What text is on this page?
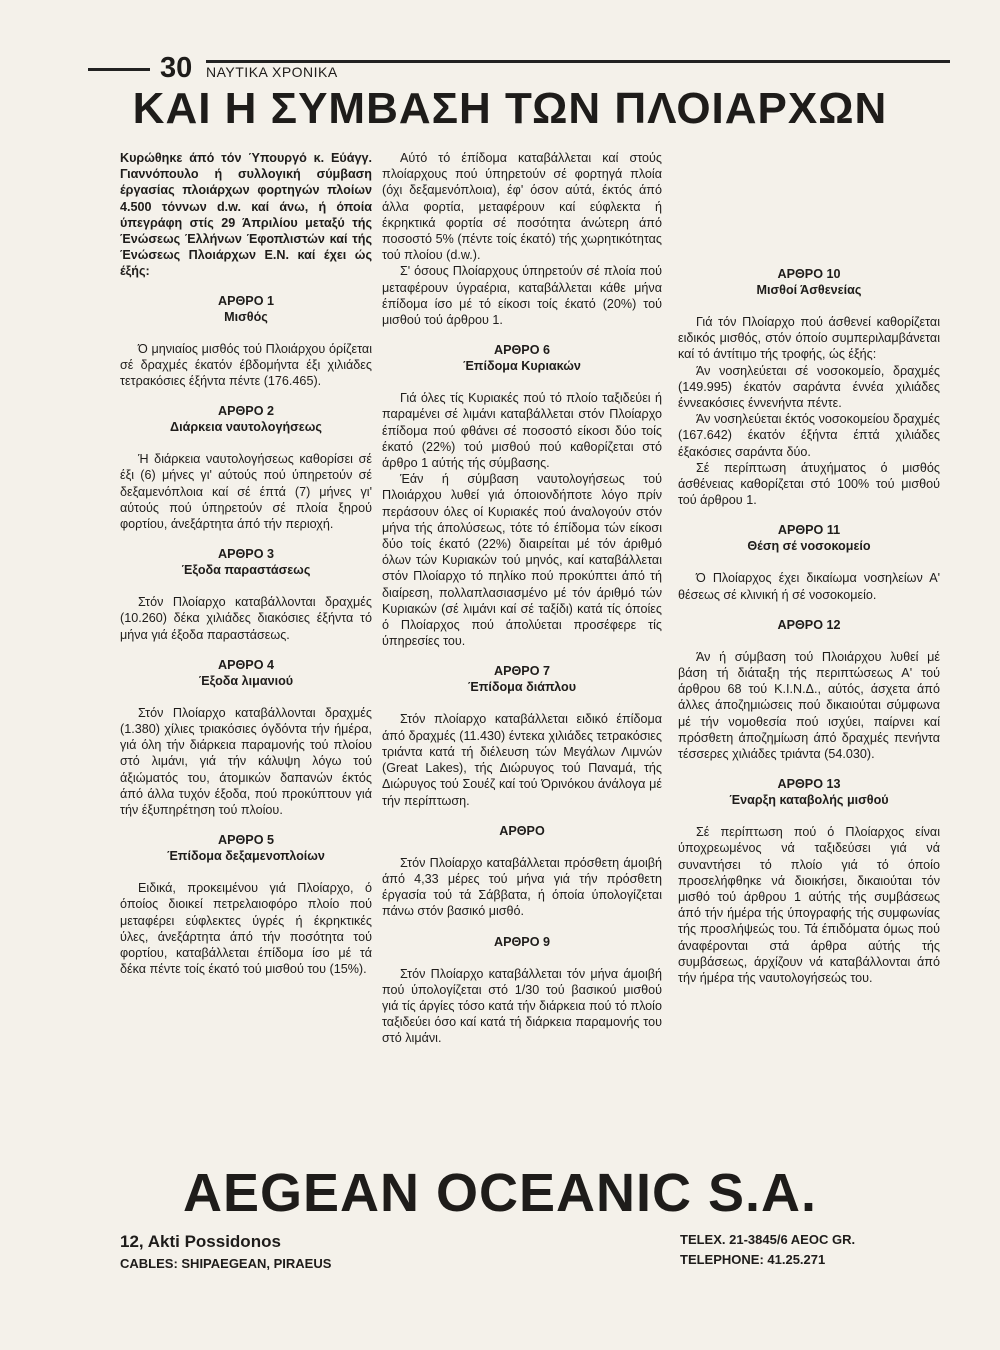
30 ΝΑΥΤΙΚΑ ΧΡΟΝΙΚΑ
ΚΑΙ Η ΣΥΜΒΑΣΗ ΤΩΝ ΠΛΟΙΑΡΧΩΝ
Κυρώθηκε άπό τόν Ύπουργό κ. Εύάγγ. Γιαννόπουλο ή συλλογική σύμβαση έργασίας πλοιάρχων φορτηγών πλοίων 4.500 τόννων d.w. καί άνω, ή όποία ύπεγράφη στίς 29 Άπριλίου μεταξύ τής Ένώσεως Έλλήνων Έφοπλιστών καί τής Ένώσεως Πλοιάρχων Ε.Ν. καί έχει ώς έξής:
ΑΡΘΡΟ 1
Μισθός

Ό μηνιαίος μισθός τού Πλοιάρχου όρίζεται σέ δραχμές έκατόν έβδομήντα έξι χιλιάδες τετρακόσιες έξήντα πέντε (176.465).

ΑΡΘΡΟ 2
Διάρκεια ναυτολογήσεως

Ή διάρκεια ναυτολογήσεως καθορίσει σέ έξι (6) μήνες γι' αύτούς πού ύπηρετούν σέ δεξαμενόπλοια καί σέ έπτά (7) μήνες γι' αύτούς πού ύπηρετούν σέ πλοία ξηρού φορτίου, άνεξάρτητα άπό τήν περιοχή.

ΑΡΘΡΟ 3
Έξοδα παραστάσεως

Στόν Πλοίαρχο καταβάλλονται δραχμές (10.260) δέκα χιλιάδες διακόσιες έξήντα τό μήνα γιά έξοδα παραστάσεως.

ΑΡΘΡΟ 4
Έξοδα λιμανιού

Στόν Πλοίαρχο καταβάλλονται δραχμές (1.380) χίλιες τριακόσιες όγδόντα τήν ήμέρα, γιά όλη τήν διάρκεια παραμονής τού πλοίου στό λιμάνι, γιά τήν κάλυψη λόγω τού άξιώματός του, άτομικών δαπανών έκτός άπό άλλα τυχόν έξοδα, πού προκύπτουν γιά τήν έξυπηρέτηση τού πλοίου.

ΑΡΘΡΟ 5
Έπίδομα δεξαμενοπλοίων

Ειδικά, προκειμένου γιά Πλοίαρχο, ό όποίος διοικεί πετρελαιοφόρο πλοίο πού μεταφέρει εύφλεκτες ύγρές ή έκρηκτικές ύλες, άνεξάρτητα άπό τήν ποσότητα τού φορτίου, καταβάλλεται έπίδομα ίσο μέ τά δέκα πέντε τοίς έκατό τού μισθού του (15%).

Αύτό τό έπίδομα καταβάλλεται καί στούς πλοίαρχους πού ύπηρετούν σέ φορτηγά πλοία (όχι δεξαμενόπλοια), έφ' όσον αύτά, έκτός άπό άλλα φορτία, μεταφέρουν καί εύφλεκτα ή έκρηκτικά φορτία σέ ποσότητα άνώτερη άπό ποσοστό 5% (πέντε τοίς έκατό) τής χωρητικότητας τού πλοίου (d.w.).

Σ' όσους Πλοίαρχους ύπηρετούν σέ πλοία πού μεταφέρουν ύγραέρια, καταβάλλεται κάθε μήνα έπίδομα ίσο μέ τό είκοσι τοίς έκατό (20%) τού μισθού τού άρθρου 1.

ΑΡΘΡΟ 6
Έπίδομα Κυριακών

Γιά όλες τίς Κυριακές πού τό πλοίο ταξιδεύει ή παραμένει σέ λιμάνι καταβάλλεται στόν Πλοίαρχο έπίδομα πού φθάνει σέ ποσοστό είκοσι δύο τοίς έκατό (22%) τού μισθού πού καθορίζεται στό άρθρο 1 αύτής τής σύμβασης.

Έάν ή σύμβαση ναυτολογήσεως τού Πλοιάρχου λυθεί γιά όποιονδήποτε λόγο πρίν περάσουν όλες οί Κυριακές πού άναλογούν στόν μήνα τής άπολύσεως, τότε τό έπίδομα τών είκοσι δύο τοίς έκατό (22%) διαιρείται μέ τόν άριθμό όλων τών Κυριακών τού μηνός, καί καταβάλλεται στόν Πλοίαρχο τό πηλίκο πού προκύπτει άπό τή διαίρεση, πολλαπλασιασμένο μέ τόν άριθμό τών Κυριακών (σέ λιμάνι καί σέ ταξίδι) κατά τίς όποίες ό Πλοίαρχος πού άπολύεται προσέφερε τίς ύπηρεσίες του.

ΑΡΘΡΟ 7
Έπίδομα διάπλου

Στόν πλοίαρχο καταβάλλεται ειδικό έπίδομα άπό δραχμές (11.430) έντεκα χιλιάδες τετρακόσιες τριάντα κατά τή διέλευση τών Μεγάλων Λιμνών (Great Lakes), τής Διώρυγος τού Παναμά, τής Διώρυγος τού Σουέζ καί τού Όρινόκου άνάλογα μέ τήν περίπτωση.

ΑΡΘΡΟ

Στόν Πλοίαρχο καταβάλλεται πρόσθετη άμοιβή άπό 4,33 μέρες τού μήνα γιά τήν πρόσθετη έργασία τού τά Σάββατα, ή όποία ύπολογίζεται πάνω στόν βασικό μισθό.

ΑΡΘΡΟ 9

Στόν Πλοίαρχο καταβάλλεται τόν μήνα άμοιβή πού ύπολογίζεται στό 1/30 τού βασικού μισθού γιά τίς άργίες τόσο κατά τήν διάρκεια πού τό πλοίο ταξιδεύει όσο καί κατά τή διάρκεια παραμονής του στό λιμάνι.

ΑΡΘΡΟ 10
Μισθοί Άσθενείας

Γιά τόν Πλοίαρχο πού άσθενεί καθορίζεται ειδικός μισθός, στόν όποίο συμπεριλαμβάνεται καί τό άντίτιμο τής τροφής, ώς έξής:

Άν νοσηλεύεται σέ νοσοκομείο, δραχμές (149.995) έκατόν σαράντα έννέα χιλιάδες έννεακόσιες έννενήντα πέντε.

Άν νοσηλεύεται έκτός νοσοκομείου δραχμές (167.642) έκατόν έξήντα έπτά χιλιάδες έξακόσιες σαράντα δύο.

Σέ περίπτωση άτυχήματος ό μισθός άσθένειας καθορίζεται στό 100% τού μισθού τού άρθρου 1.

ΑΡΘΡΟ 11
Θέση σέ νοσοκομείο

Ό Πλοίαρχος έχει δικαίωμα νοσηλείων Α' θέσεως σέ κλινική ή σέ νοσοκομείο.

ΑΡΘΡΟ 12

Άν ή σύμβαση τού Πλοιάρχου λυθεί μέ βάση τή διάταξη τής περιπτώσεως Α' τού άρθρου 68 τού Κ.Ι.Ν.Δ., αύτός, άσχετα άπό άλλες άποζημιώσεις πού δικαιούται σύμφωνα μέ τήν νομοθεσία πού ισχύει, παίρνει καί πρόσθετη άποζημίωση άπό δραχμές πενήντα τέσσερες χιλιάδες τριάντα (54.030).

ΑΡΘΡΟ 13
Έναρξη καταβολής μισθού

Σέ περίπτωση πού ό Πλοίαρχος είναι ύποχρεωμένος νά ταξιδεύσει γιά νά συναντήσει τό πλοίο γιά τό όποίο προσελήφθηκε νά διοικήσει, δικαιούται τόν μισθό τού άρθρου 1 αύτής τής συμβάσεως άπό τήν ήμέρα τής ύπογραφής τής συμφωνίας τής προσλήψεώς του. Τά έπιδόματα όμως πού άναφέρονται στά άρθρα αύτής τής συμβάσεως, άρχίζουν νά καταβάλλονται άπό τήν ήμέρα τής ναυτολογήσεώς του.

AEGEAN OCEANIC S.A.
12, Akti Possidonos
CABLES: SHIPAEGEAN, PIRAEUS
TELEX. 21-3845/6 AEOC GR.
TELEPHONE: 41.25.271
